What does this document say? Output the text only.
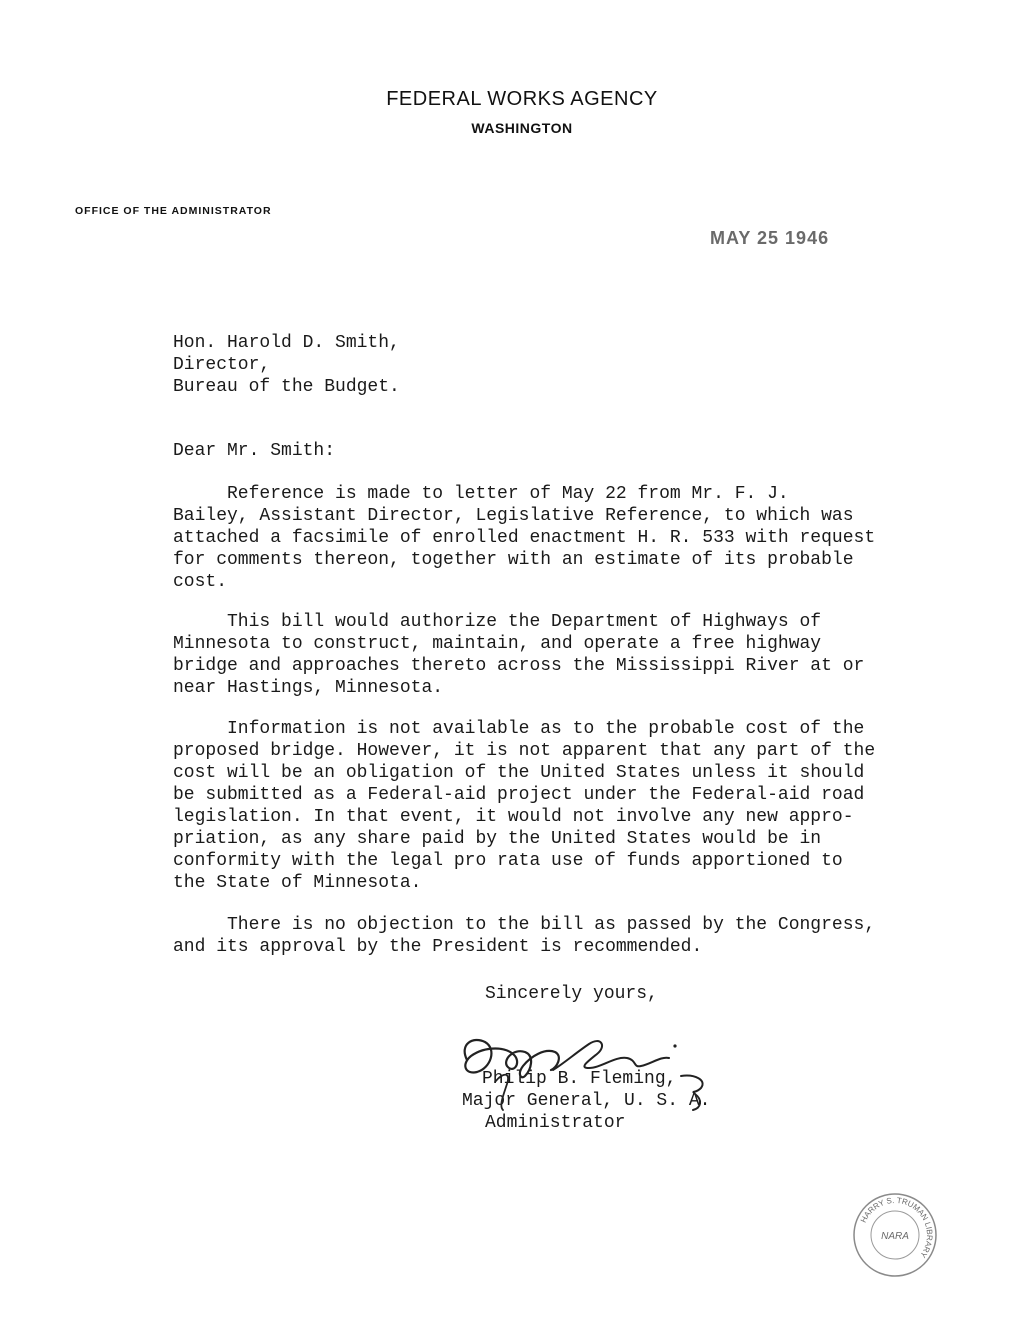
FEDERAL WORKS AGENCY
WASHINGTON
OFFICE OF THE ADMINISTRATOR
MAY 25 1946
Hon. Harold D. Smith,
Director,
Bureau of the Budget.
Dear Mr. Smith:
Reference is made to letter of May 22 from Mr. F. J.
Bailey, Assistant Director, Legislative Reference, to which was
attached a facsimile of enrolled enactment H. R. 533 with request
for comments thereon, together with an estimate of its probable
cost.
This bill would authorize the Department of Highways of
Minnesota to construct, maintain, and operate a free highway
bridge and approaches thereto across the Mississippi River at or
near Hastings, Minnesota.
Information is not available as to the probable cost of the
proposed bridge. However, it is not apparent that any part of the
cost will be an obligation of the United States unless it should
be submitted as a Federal-aid project under the Federal-aid road
legislation. In that event, it would not involve any new appro-
priation, as any share paid by the United States would be in
conformity with the legal pro rata use of funds apportioned to
the State of Minnesota.
There is no objection to the bill as passed by the Congress,
and its approval by the President is recommended.
Sincerely yours,
Philip B. Fleming,
Major General, U. S. A.
Administrator
HARRY S. TRUMAN LIBRARY
NARA
